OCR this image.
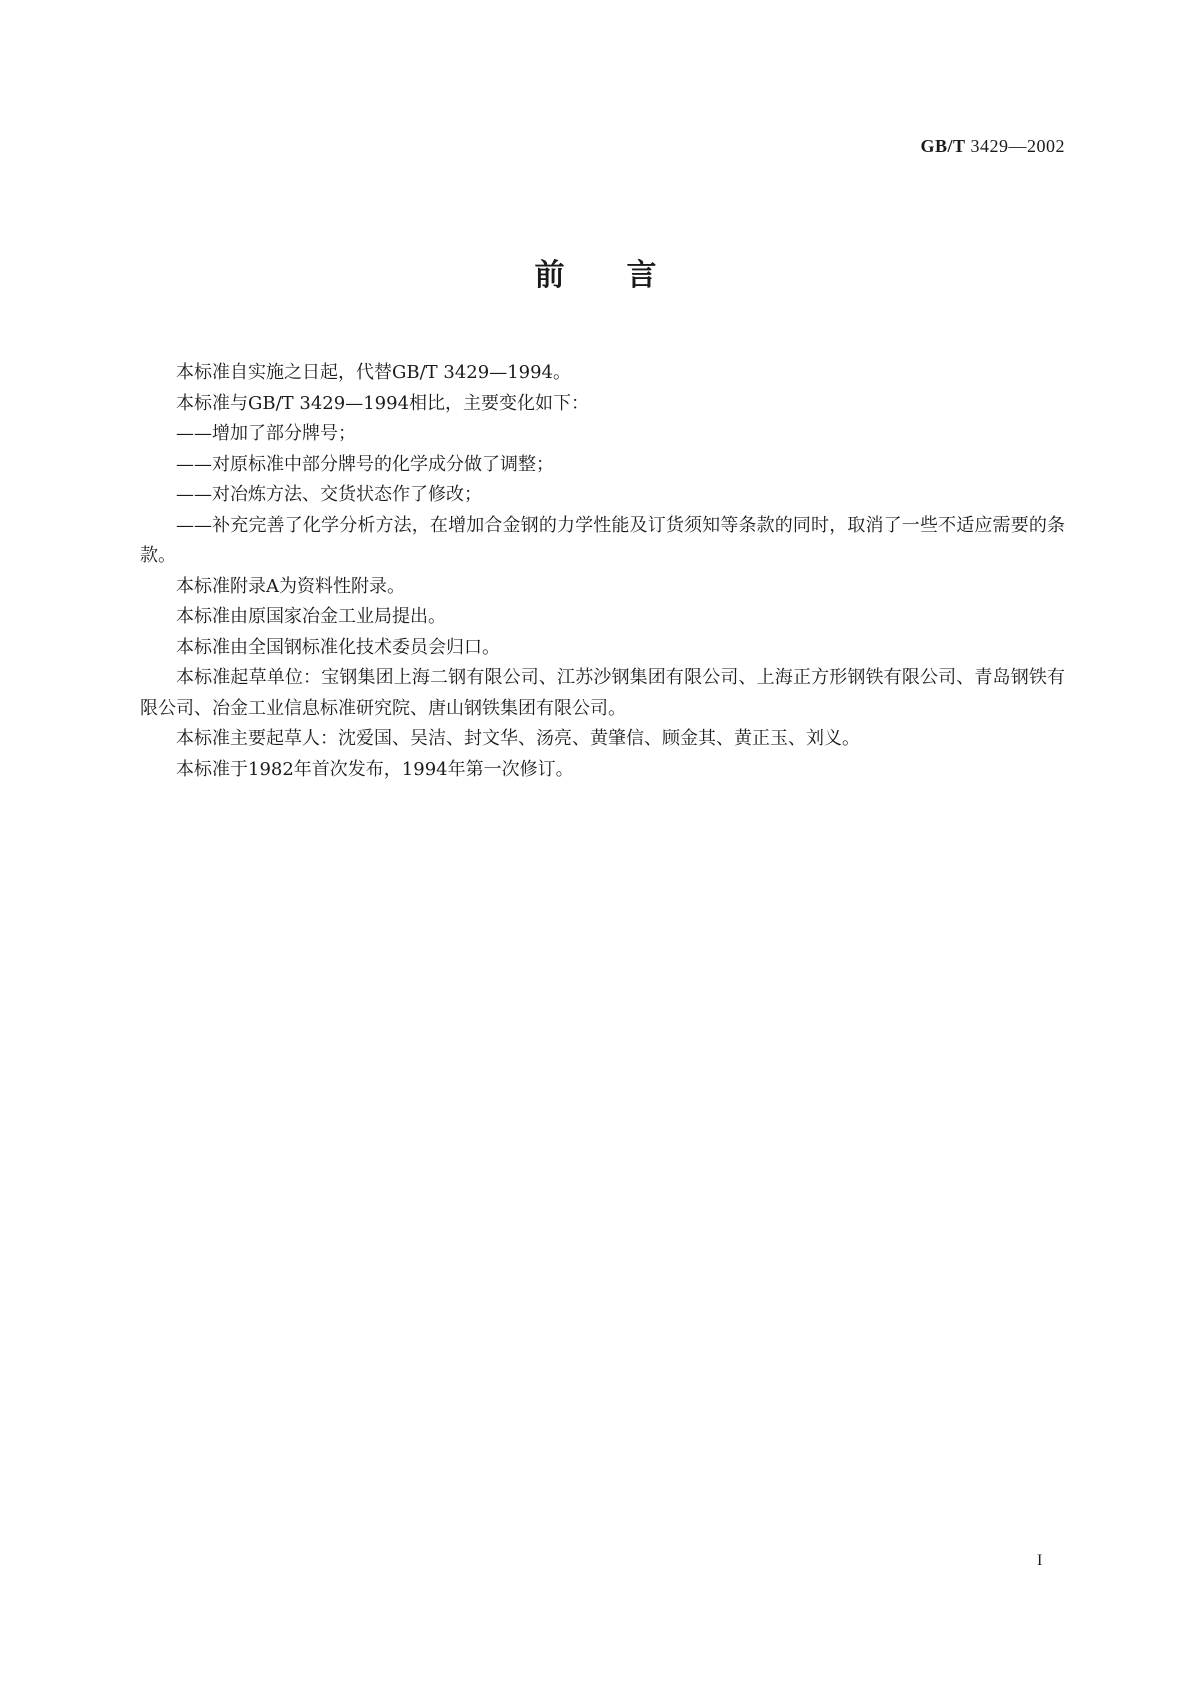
GB/T 3429—2002
前言

本标准自实施之日起，代替GB/T 3429—1994。

本标准与GB/T 3429—1994相比，主要变化如下：

——增加了部分牌号；

——对原标准中部分牌号的化学成分做了调整；

——对冶炼方法、交货状态作了修改；

——补充完善了化学分析方法，在增加合金钢的力学性能及订货须知等条款的同时，取消了一些不适应需要的条款。

本标准附录A为资料性附录。

本标准由原国家冶金工业局提出。

本标准由全国钢标准化技术委员会归口。

本标准起草单位：宝钢集团上海二钢有限公司、江苏沙钢集团有限公司、上海正方形钢铁有限公司、青岛钢铁有限公司、冶金工业信息标准研究院、唐山钢铁集团有限公司。

本标准主要起草人：沈爱国、吴洁、封文华、汤亮、黄肇信、顾金其、黄正玉、刘义。

本标准于1982年首次发布，1994年第一次修订。

I
